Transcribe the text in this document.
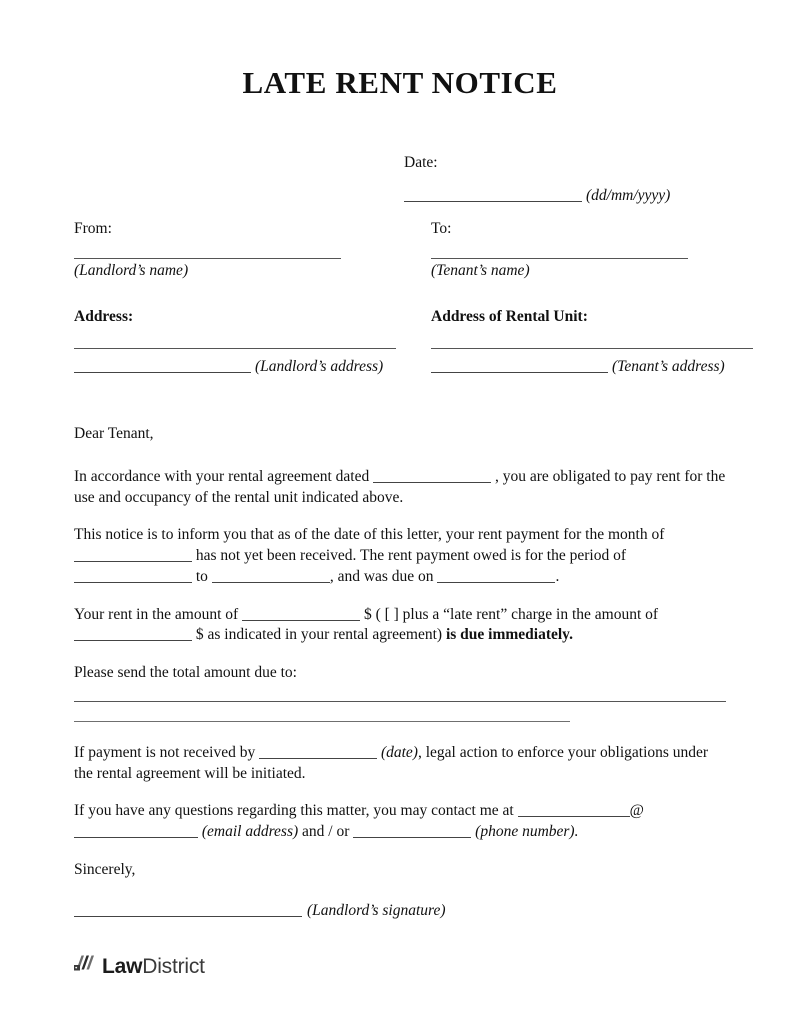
LATE RENT NOTICE
Date:
(dd/mm/yyyy)
From:
(Landlord’s name)
To:
(Tenant’s name)
Address:
(Landlord’s address)
Address of Rental Unit:
(Tenant’s address)

Dear Tenant,

In accordance with your rental agreement dated	, you are obligated to pay rent for the use and occupancy of the rental unit indicated above.

This notice is to inform you that as of the date of this letter, your rent payment for the month of  has not yet been received. The rent payment owed is for the period of  to	, and was due on	.

Your rent in the amount of	$ ( [ ] plus a “late rent” charge in the amount of  $ as indicated in your rental agreement) is due immediately.

Please send the total amount due to:

If payment is not received by	(date), legal action to enforce your obligations under the rental agreement will be initiated.

If you have any questions regarding this matter, you may contact me at	@ (email address) and / or	(phone number).

Sincerely,

(Landlord’s signature)
LawDistrict
